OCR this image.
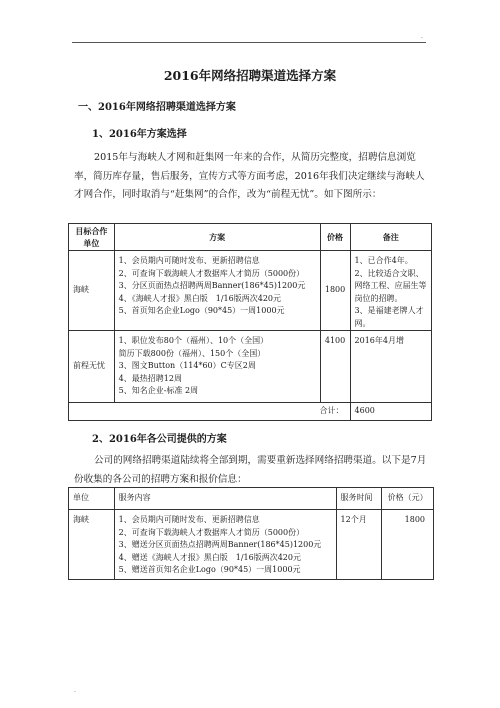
.
2016年网络招聘渠道选择方案
一、2016年网络招聘渠道选择方案
1、2016年方案选择
2015年与海峡人才网和赶集网一年来的合作，从简历完整度，招聘信息浏览率，简历库存量，售后服务，宣传方式等方面考虑，2016年我们决定继续与海峡人才网合作，同时取消与“赶集网”的合作，改为“前程无忧”。如下图所示：
目标合作单位	方案	价格	备注
海峡	1、会员期内可随时发布、更新招聘信息
2、可查询下载海峡人才数据库人才简历（5000份）
3、分区页面热点招聘两周Banner(186*45)1200元
4、《海峡人才报》黑白版　1/16版两次420元
5、首页知名企业Logo（90*45）一周1000元	1800	1、已合作4年。
2、比较适合文职、网络工程、应届生等岗位的招聘。
3、是福建老牌人才网。

前程无忧	1、职位发布80个（福州）、10个（全国）
简历下载800份（福州）、150个（全国）
3、图文Button（114*60）C专区2周
4、最热招聘12周
5、知名企业-标准 2周	4100	2016年4月增
合计：			4600
2、2016年各公司提供的方案
公司的网络招聘渠道陆续将全部到期，需要重新选择网络招聘渠道。以下是7月份收集的各公司的招聘方案和报价信息：
单位	服务内容	服务时间	价格（元）
海峡	1、会员期内可随时发布、更新招聘信息
2、可查询下载海峡人才数据库人才简历（5000份）
3、赠送分区页面热点招聘两周Banner(186*45)1200元
4、赠送《海峡人才报》黑白版　1/16版两次420元
5、赠送首页知名企业Logo（90*45）一周1000元	12个月	1800
.
